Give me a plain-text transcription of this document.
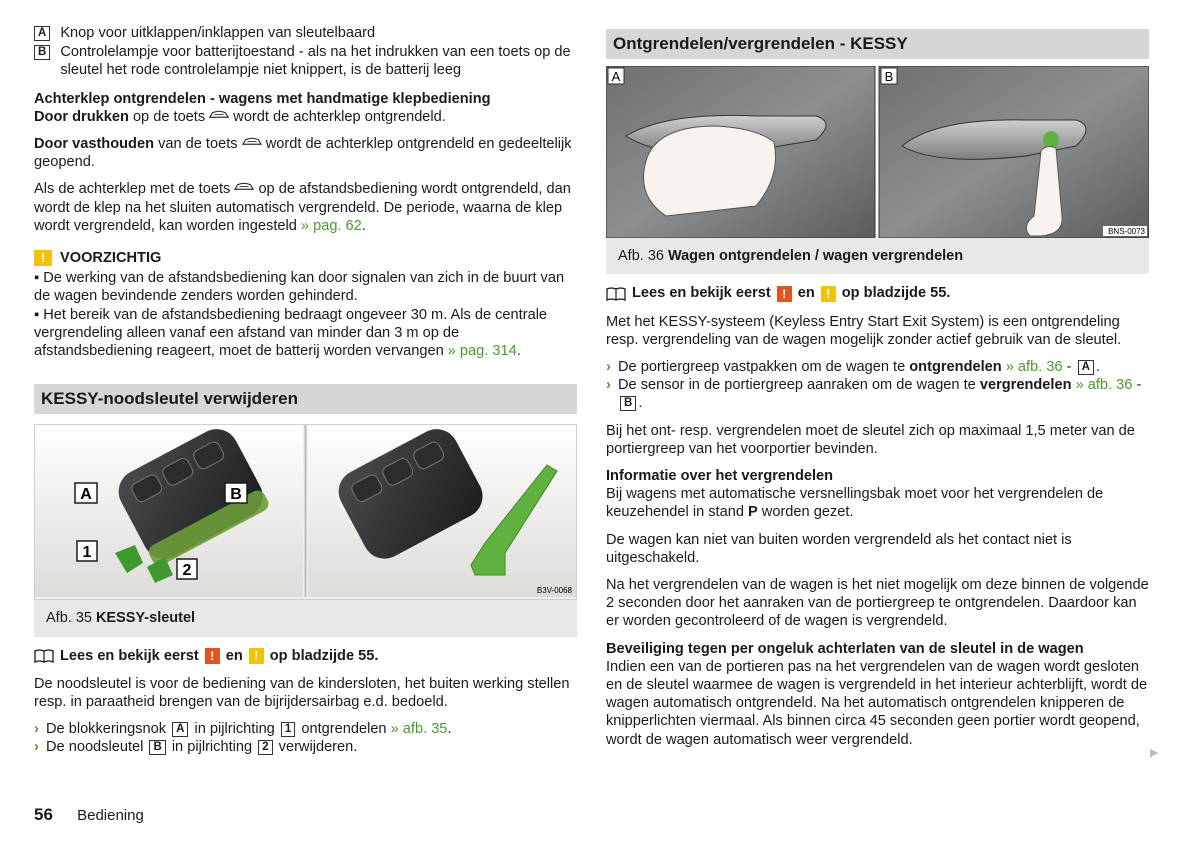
A Knop voor uitklappen/inklappen van sleutelbaard
B Controlelampje voor batterijtoestand - als na het indrukken van een toets op de sleutel het rode controlelampje niet knippert, is de batterij leeg

Achterklep ontgrendelen - wagens met handmatige klepbediening

Door drukken op de toets wordt de achterklep ontgrendeld.

Door vasthouden van de toets wordt de achterklep ontgrendeld en gedeeltelijk geopend.

Als de achterklep met de toets op de afstandsbediening wordt ontgrendeld, dan wordt de klep na het sluiten automatisch vergrendeld. De periode, waarna de klep wordt vergrendeld, kan worden ingesteld » pag. 62.

!	VOORZICHTIG
▪ De werking van de afstandsbediening kan door signalen van zich in de buurt van de wagen bevindende zenders worden gehinderd.
▪ Het bereik van de afstandsbediening bedraagt ongeveer 30 m. Als de centrale vergrendeling alleen vanaf een afstand van minder dan 3 m op de afstandsbediening reageert, moet de batterij worden vervangen » pag. 314.
KESSY-noodsleutel verwijderen
A	B
1
2
B3V-0068
Afb. 35 KESSY-sleutel
Lees en bekijk eerst ! en ! op bladzijde 55.

De noodsleutel is voor de bediening van de kindersloten, het buiten werking stellen resp. in paraatheid brengen van de bijrijdersairbag e.d. bedoeld.

› De blokkeringsnok A in pijlrichting 1 ontgrendelen » afb. 35.
› De noodsleutel B in pijlrichting 2 verwijderen.
Ontgrendelen/vergrendelen - KESSY
A	B
BNS-0073
Afb. 36 Wagen ontgrendelen / wagen vergrendelen
Lees en bekijk eerst ! en ! op bladzijde 55.

Met het KESSY-systeem (Keyless Entry Start Exit System) is een ontgrendeling resp. vergrendeling van de wagen mogelijk zonder actief gebruik van de sleutel.

› De portiergreep vastpakken om de wagen te ontgrendelen » afb. 36 - A .
› De sensor in de portiergreep aanraken om de wagen te vergrendelen » afb. 36 - B .

Bij het ont- resp. vergrendelen moet de sleutel zich op maximaal 1,5 meter van de portiergreep van het voorportier bevinden.

Informatie over het vergrendelen

Bij wagens met automatische versnellingsbak moet voor het vergrendelen de keuzehendel in stand P worden gezet.

De wagen kan niet van buiten worden vergrendeld als het contact niet is uitgeschakeld.

Na het vergrendelen van de wagen is het niet mogelijk om deze binnen de volgende 2 seconden door het aanraken van de portiergreep te ontgrendelen. Daardoor kan er worden gecontroleerd of de wagen is vergrendeld.

Beveiliging tegen per ongeluk achterlaten van de sleutel in de wagen

Indien een van de portieren pas na het vergrendelen van de wagen wordt gesloten en de sleutel waarmee de wagen is vergrendeld in het interieur achterblijft, wordt de wagen automatisch ontgrendeld. Na het automatisch ontgrendelen knipperen de knipperlichten viermaal. Als binnen circa 45 seconden geen portier wordt geopend, wordt de wagen automatisch weer vergrendeld.

▶
56 Bediening
